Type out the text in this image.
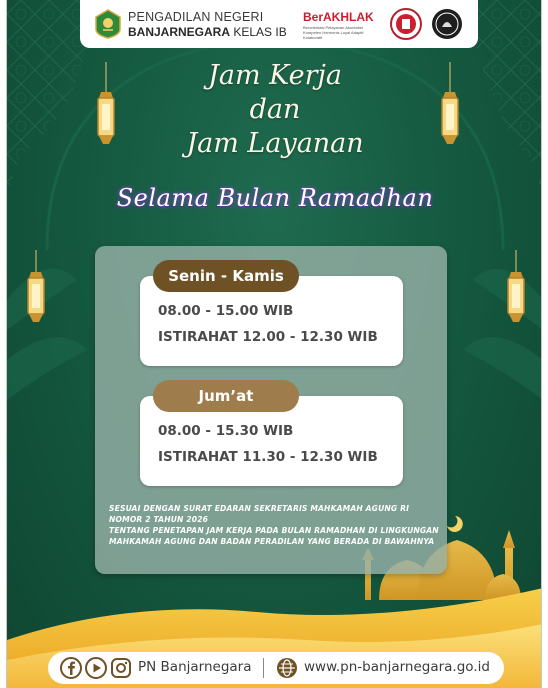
PENGADILAN NEGERI
BANJARNEGARA KELAS IB
BerAKHLAK
Berorientasi Pelayanan Akuntabel Kompeten Harmonis Loyal Adaptif Kolaboratif
Jam Kerja
dan
Jam Layanan
Selama Bulan Ramadhan
08.00 - 15.00 WIB
ISTIRAHAT 12.00 - 12.30 WIB
Senin - Kamis
08.00 - 15.30 WIB
ISTIRAHAT 11.30 - 12.30 WIB
Jum’at
SESUAI DENGAN SURAT EDARAN SEKRETARIS MAHKAMAH AGUNG RI
NOMOR 2 TAHUN 2026
TENTANG PENETAPAN JAM KERJA PADA BULAN RAMADHAN DI LINGKUNGAN
MAHKAMAH AGUNG DAN BADAN PERADILAN YANG BERADA DI BAWAHNYA
PN Banjarnegara	www.pn-banjarnegara.go.id
